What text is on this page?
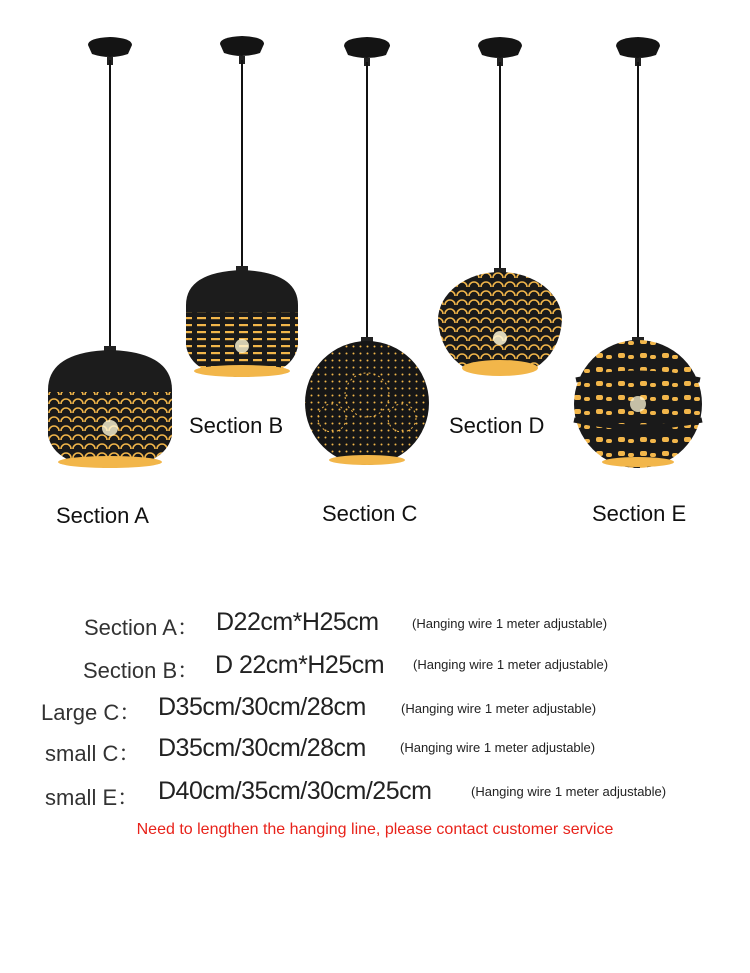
Section A
Section B
Section C
Section D
Section E
Section A： D22cm*H25cm	(Hanging wire 1 meter adjustable)
Section B： D 22cm*H25cm (Hanging wire 1 meter adjustable)
Large C： D35cm/30cm/28cm	(Hanging wire 1 meter adjustable)
small C： D35cm/30cm/28cm	(Hanging wire 1 meter adjustable)
small E： D40cm/35cm/30cm/25cm	(Hanging wire 1 meter adjustable)
Need to lengthen the hanging line, please contact customer service
